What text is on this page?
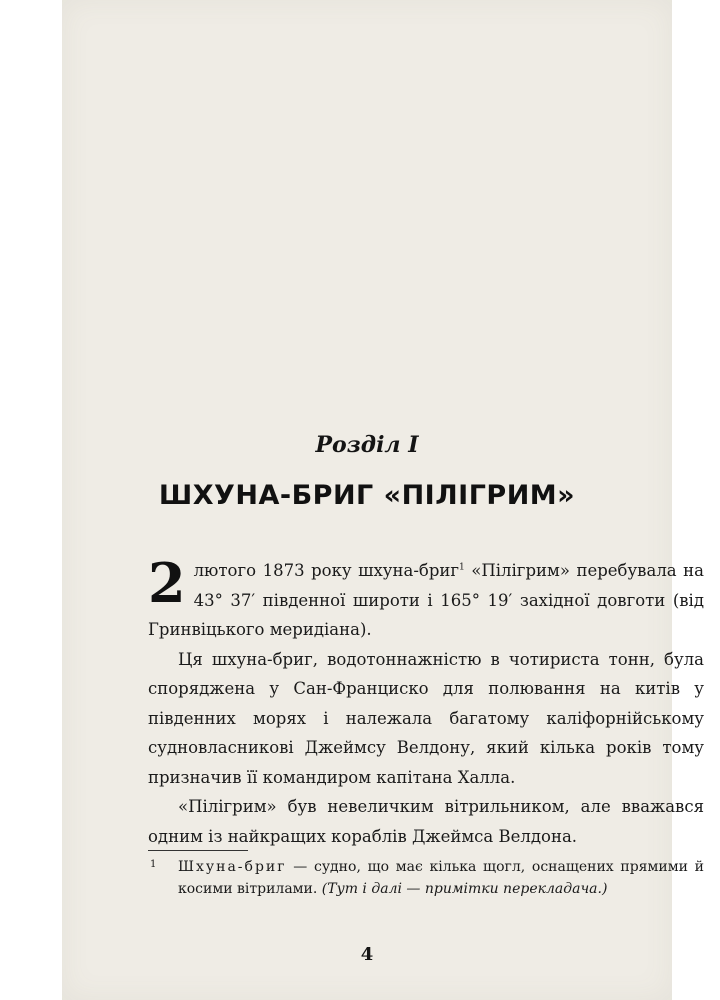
Розділ І
ШХУНА-БРИГ «ПІЛІГРИМ»

2 лютого 1873 року шхуна-бриг$^1$ «Пілігрим» перебувала на 43° 37′ південної широти і 165° 19′ західної довготи (від Гринвіцького меридіана).

Ця шхуна-бриг, водотоннажністю в чотириста тонн, була споряджена у Сан-Франциско для полювання на китів у південних морях і належала багатому каліфорнійському судновласникові Джеймсу Велдону, який кілька років тому призначив її командиром капітана Халла.

«Пілігрим» був невеличким вітрильником, але вважався одним із найкращих кораблів Джеймса Велдона.

1 Шхуна-бриг — судно, що має кілька щогл, оснащених прямими й косими вітрилами. (Тут і далі — примітки перекладача.)
4
